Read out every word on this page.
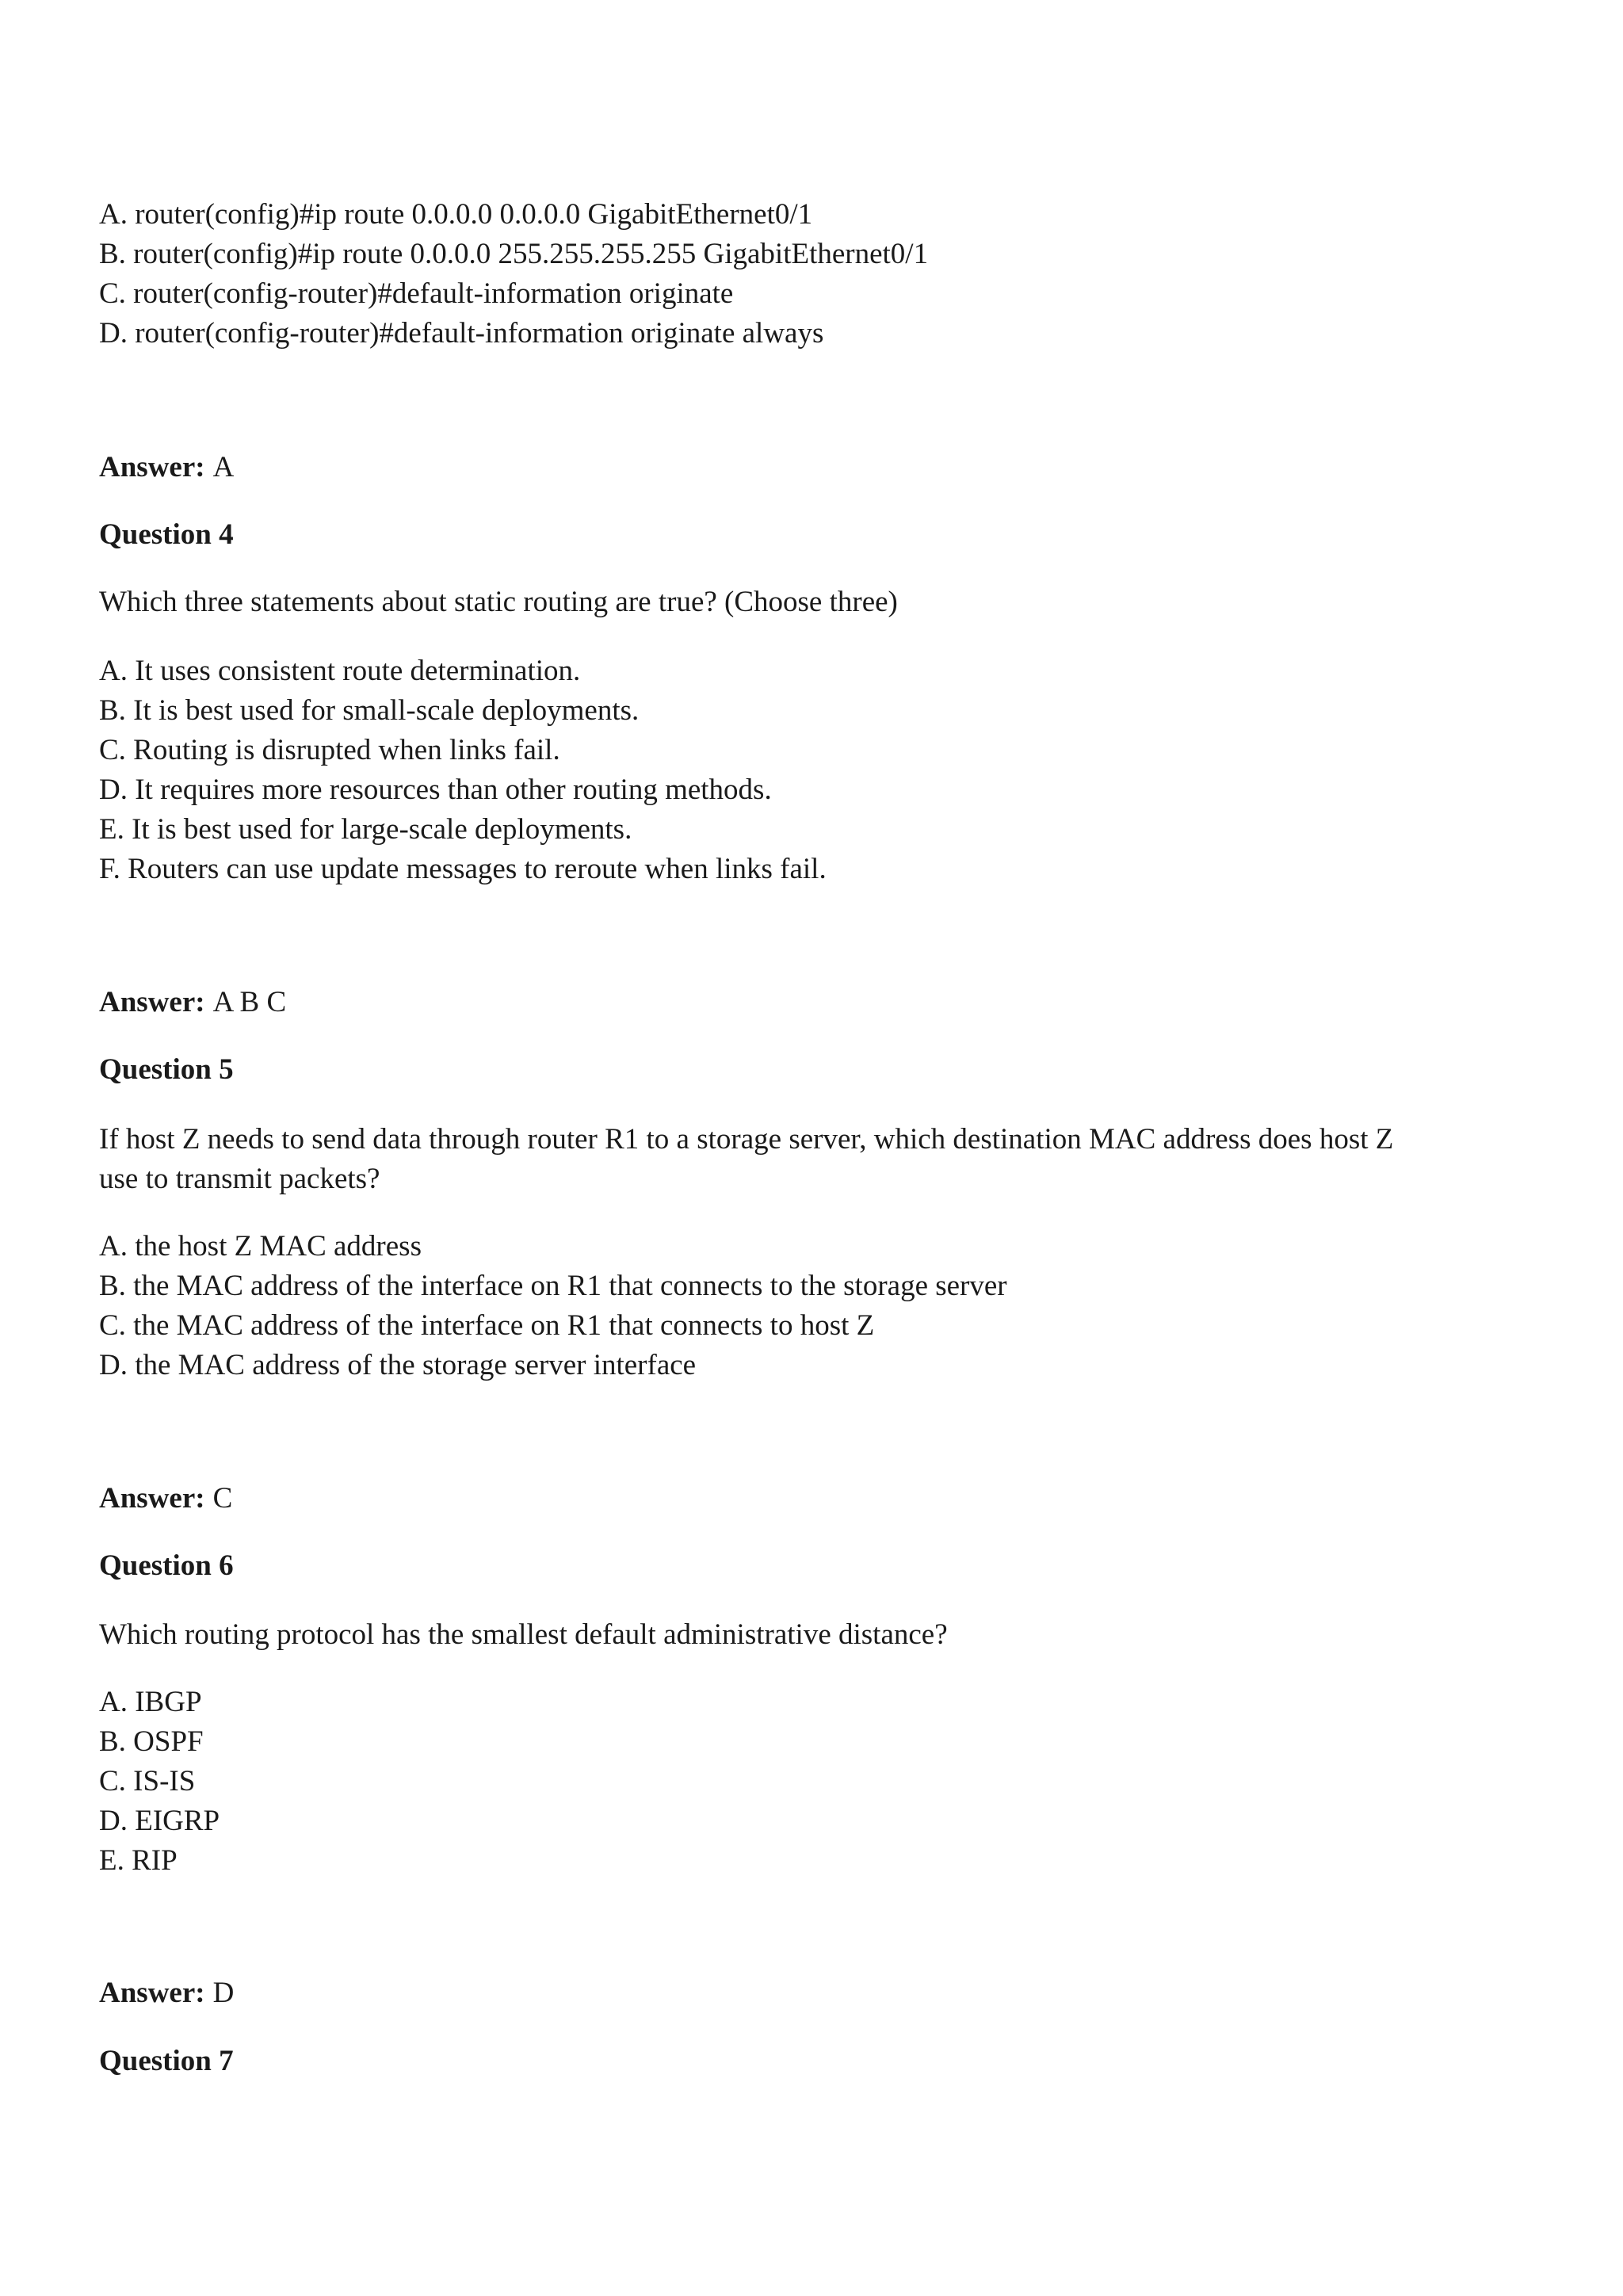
A. router(config)#ip route 0.0.0.0 0.0.0.0 GigabitEthernet0/1
B. router(config)#ip route 0.0.0.0 255.255.255.255 GigabitEthernet0/1
C. router(config-router)#default-information originate
D. router(config-router)#default-information originate always
Answer: A
Question 4
Which three statements about static routing are true? (Choose three)
A. It uses consistent route determination.
B. It is best used for small-scale deployments.
C. Routing is disrupted when links fail.
D. It requires more resources than other routing methods.
E. It is best used for large-scale deployments.
F. Routers can use update messages to reroute when links fail.
Answer: A B C
Question 5
If host Z needs to send data through router R1 to a storage server, which destination MAC address does host Z
use to transmit packets?
A. the host Z MAC address
B. the MAC address of the interface on R1 that connects to the storage server
C. the MAC address of the interface on R1 that connects to host Z
D. the MAC address of the storage server interface
Answer: C
Question 6
Which routing protocol has the smallest default administrative distance?
A. IBGP
B. OSPF
C. IS-IS
D. EIGRP
E. RIP
Answer: D
Question 7
